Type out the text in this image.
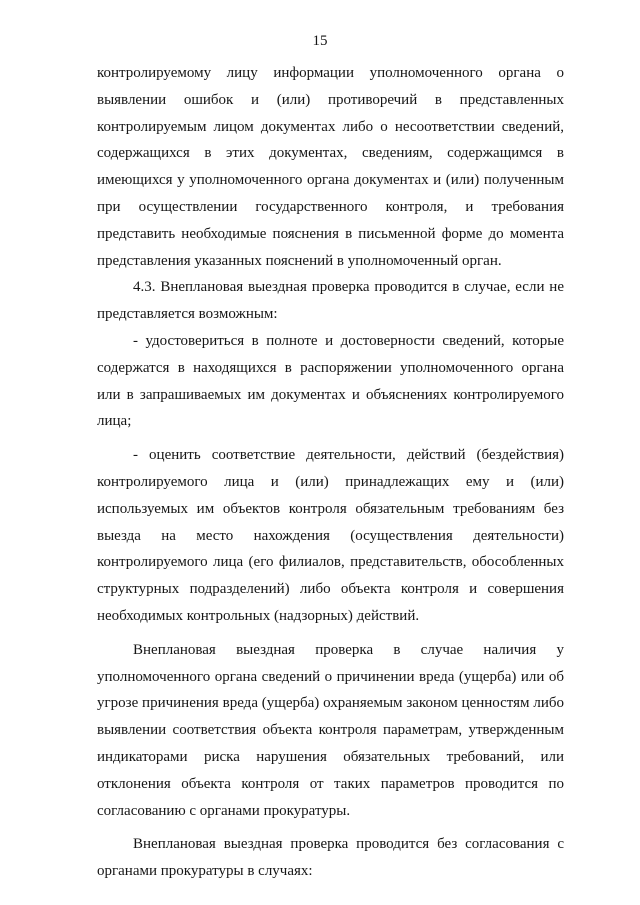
15

контролируемому лицу информации уполномоченного органа о выявлении ошибок и (или) противоречий в представленных контролируемым лицом документах либо о несоответствии сведений, содержащихся в этих документах, сведениям, содержащимся в имеющихся у уполномоченного органа документах и (или) полученным при осуществлении государственного контроля, и требования представить необходимые пояснения в письменной форме до момента представления указанных пояснений в уполномоченный орган.

4.3. Внеплановая выездная проверка проводится в случае, если не представляется возможным:

- удостовериться в полноте и достоверности сведений, которые содержатся в находящихся в распоряжении уполномоченного органа или в запрашиваемых им документах и объяснениях контролируемого лица;

- оценить соответствие деятельности, действий (бездействия) контролируемого лица и (или) принадлежащих ему и (или) используемых им объектов контроля обязательным требованиям без выезда на место нахождения (осуществления деятельности) контролируемого лица (его филиалов, представительств, обособленных структурных подразделений) либо объекта контроля и совершения необходимых контрольных (надзорных) действий.

Внеплановая выездная проверка в случае наличия у уполномоченного органа сведений о причинении вреда (ущерба) или об угрозе причинения вреда (ущерба) охраняемым законом ценностям либо выявлении соответствия объекта контроля параметрам, утвержденным индикаторами риска нарушения обязательных требований, или отклонения объекта контроля от таких параметров проводится по согласованию с органами прокуратуры.

Внеплановая выездная проверка проводится без согласования с органами прокуратуры в случаях:
